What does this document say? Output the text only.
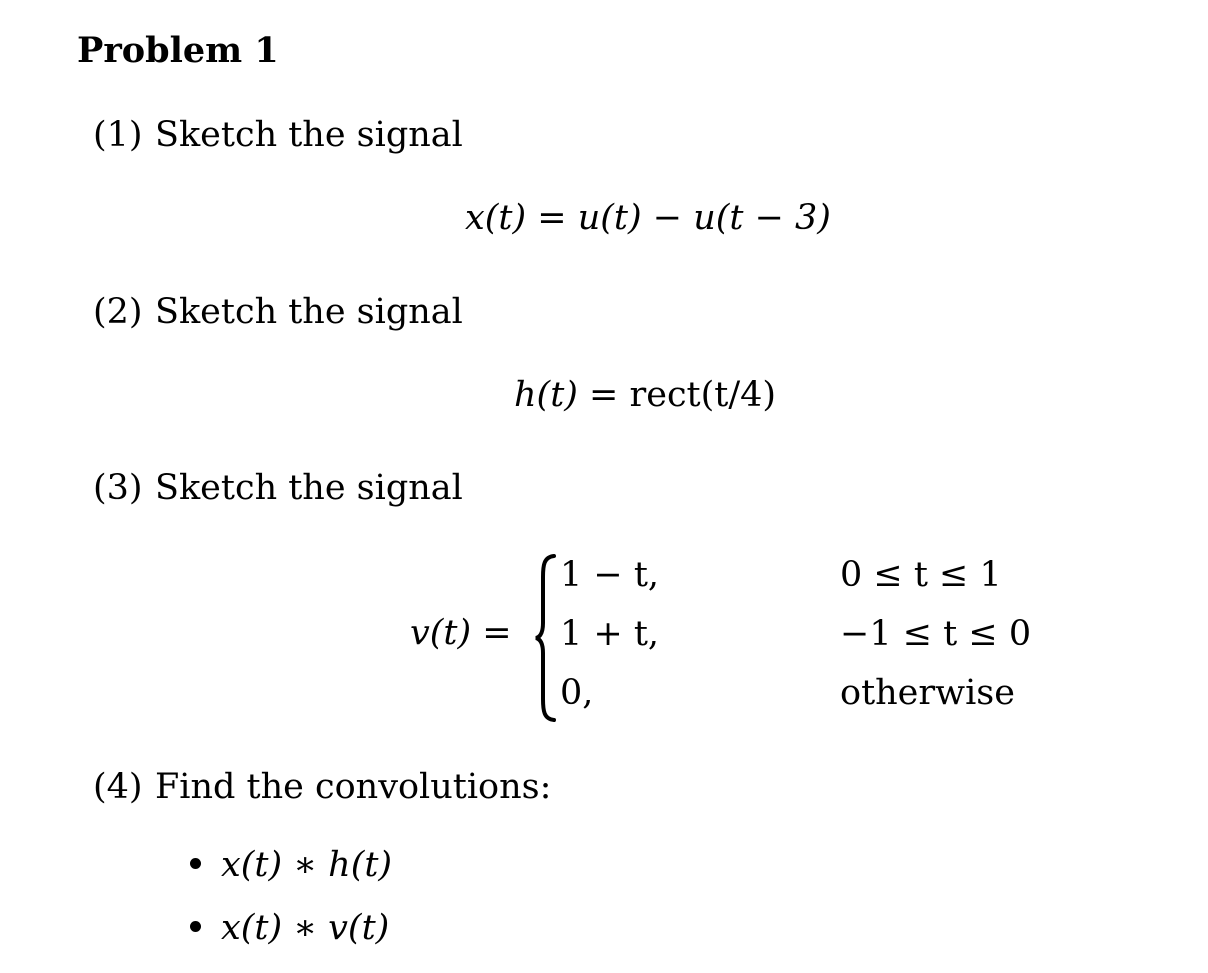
Problem 1
(1) Sketch the signal
x(t) = u(t) − u(t − 3)
(2) Sketch the signal
h(t) = rect(t/4)
(3) Sketch the signal
v(t) =
1 − t,	0 ≤ t ≤ 1
1 + t,	−1 ≤ t ≤ 0
0,	otherwise
(4) Find the convolutions:
x(t) ∗ h(t)
x(t) ∗ v(t)
